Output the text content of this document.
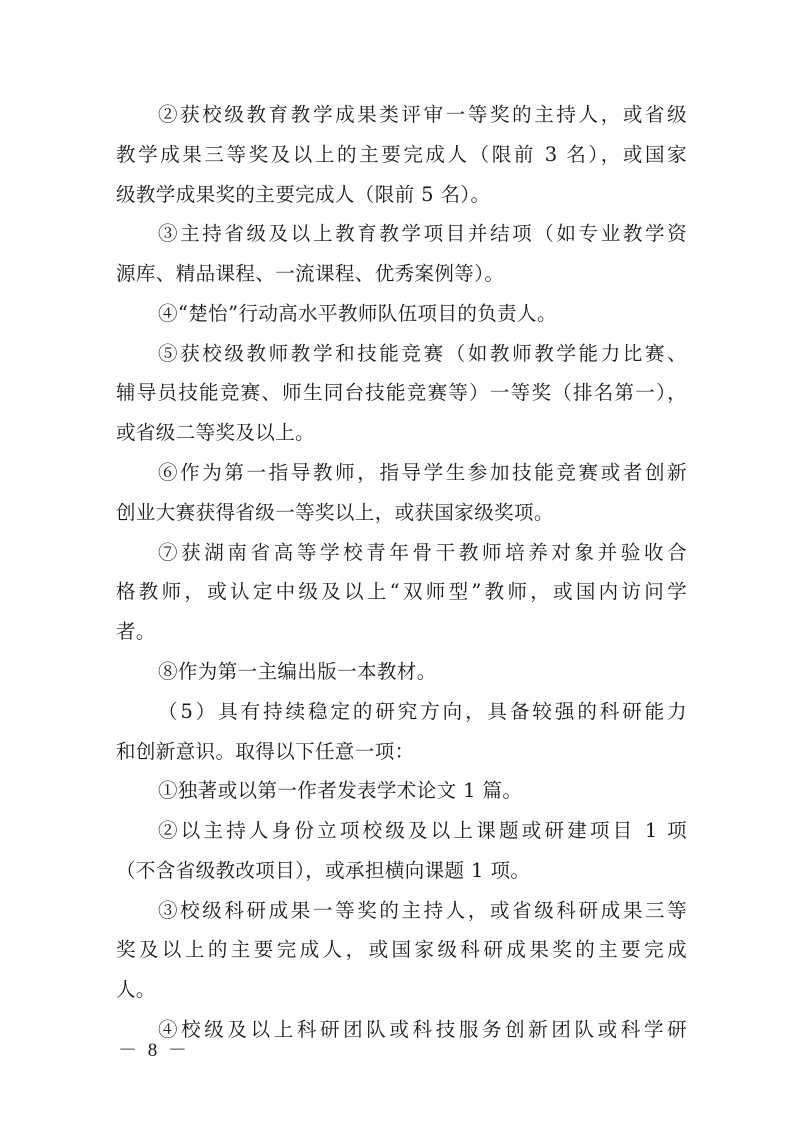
②获校级教育教学成果类评审一等奖的主持人，或省级
教学成果三等奖及以上的主要完成人（限前 3 名），或国家
级教学成果奖的主要完成人（限前 5 名）。
③主持省级及以上教育教学项目并结项（如专业教学资
源库、精品课程、一流课程、优秀案例等）。
④“楚怡”行动高水平教师队伍项目的负责人。
⑤获校级教师教学和技能竞赛（如教师教学能力比赛、
辅导员技能竞赛、师生同台技能竞赛等）一等奖（排名第一），
或省级二等奖及以上。
⑥作为第一指导教师，指导学生参加技能竞赛或者创新
创业大赛获得省级一等奖以上，或获国家级奖项。
⑦获湖南省高等学校青年骨干教师培养对象并验收合
格教师，或认定中级及以上“双师型”教师，或国内访问学
者。
⑧作为第一主编出版一本教材。
（5）具有持续稳定的研究方向，具备较强的科研能力
和创新意识。取得以下任意一项：
①独著或以第一作者发表学术论文 1 篇。
②以主持人身份立项校级及以上课题或研建项目 1 项
（不含省级教改项目），或承担横向课题 1 项。
③校级科研成果一等奖的主持人，或省级科研成果三等
奖及以上的主要完成人，或国家级科研成果奖的主要完成
人。
④校级及以上科研团队或科技服务创新团队或科学研
－ 8 －
